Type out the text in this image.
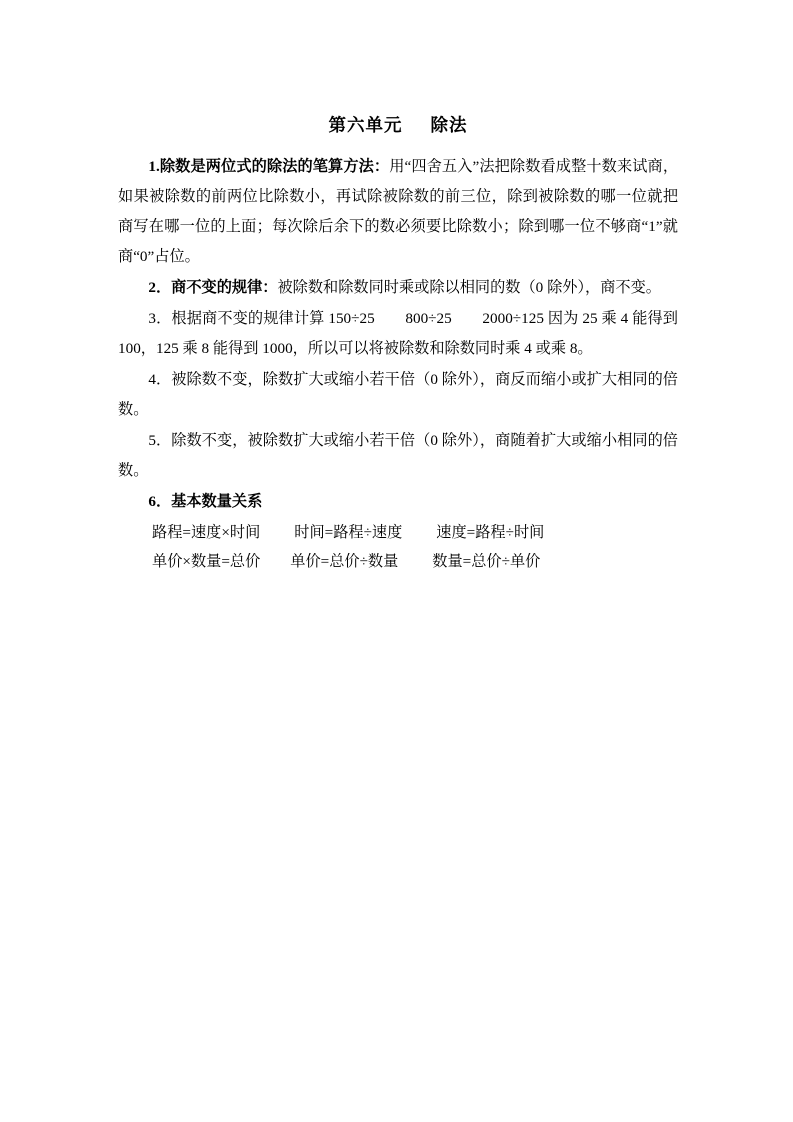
第六单元 除法

1.除数是两位式的除法的笔算方法：用“四舍五入”法把除数看成整十数来试商，如果被除数的前两位比除数小，再试除被除数的前三位，除到被除数的哪一位就把商写在哪一位的上面；每次除后余下的数必须要比除数小；除到哪一位不够商“1”就商“0”占位。

2．商不变的规律：被除数和除数同时乘或除以相同的数（0 除外），商不变。

3．根据商不变的规律计算 150÷25　　800÷25　　2000÷125 因为 25 乘 4 能得到 100，125 乘 8 能得到 1000，所以可以将被除数和除数同时乘 4 或乘 8。

4．被除数不变，除数扩大或缩小若干倍（0 除外），商反而缩小或扩大相同的倍数。

5．除数不变，被除数扩大或缩小若干倍（0 除外），商随着扩大或缩小相同的倍数。

6．基本数量关系

路程=速度×时间 时间=路程÷速度 速度=路程÷时间
单价×数量=总价 单价=总价÷数量 数量=总价÷单价
